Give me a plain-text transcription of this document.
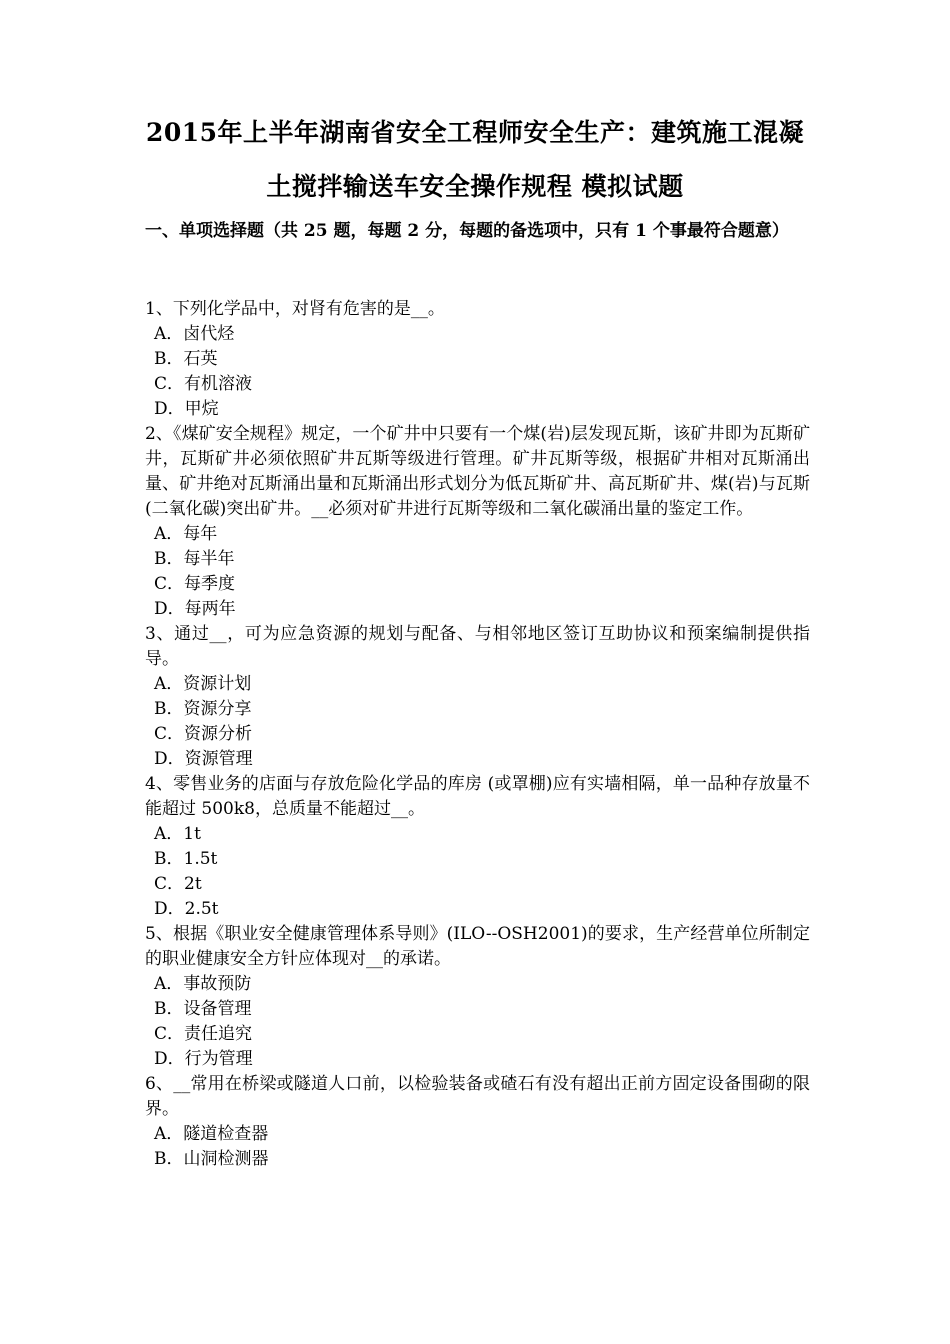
2015年上半年湖南省安全工程师安全生产：建筑施工混凝
土搅拌输送车安全操作规程 模拟试题

一、单项选择题（共 25 题，每题 2 分，每题的备选项中，只有 1 个事最符合题意）

1、下列化学品中，对肾有危害的是__。

A．卤代烃

B．石英

C．有机溶液

D．甲烷

2、《煤矿安全规程》规定，一个矿井中只要有一个煤(岩)层发现瓦斯，该矿井即为瓦斯矿井，瓦斯矿井必须依照矿井瓦斯等级进行管理。矿井瓦斯等级，根据矿井相对瓦斯涌出量、矿井绝对瓦斯涌出量和瓦斯涌出形式划分为低瓦斯矿井、高瓦斯矿井、煤(岩)与瓦斯(二氧化碳)突出矿井。__必须对矿井进行瓦斯等级和二氧化碳涌出量的鉴定工作。

A．每年

B．每半年

C．每季度

D．每两年

3、通过__，可为应急资源的规划与配备、与相邻地区签订互助协议和预案编制提供指导。

A．资源计划

B．资源分享

C．资源分析

D．资源管理

4、零售业务的店面与存放危险化学品的库房 (或罩棚)应有实墙相隔，单一品种存放量不能超过 500k8，总质量不能超过__。

A．1t

B．1.5t

C．2t

D．2.5t

5、根据《职业安全健康管理体系导则》(ILO--OSH2001)的要求，生产经营单位所制定的职业健康安全方针应体现对__的承诺。

A．事故预防

B．设备管理

C．责任追究

D．行为管理

6、__常用在桥梁或隧道人口前，以检验装备或碴石有没有超出正前方固定设备围砌的限界。

A．隧道检查器

B．山洞检测器
